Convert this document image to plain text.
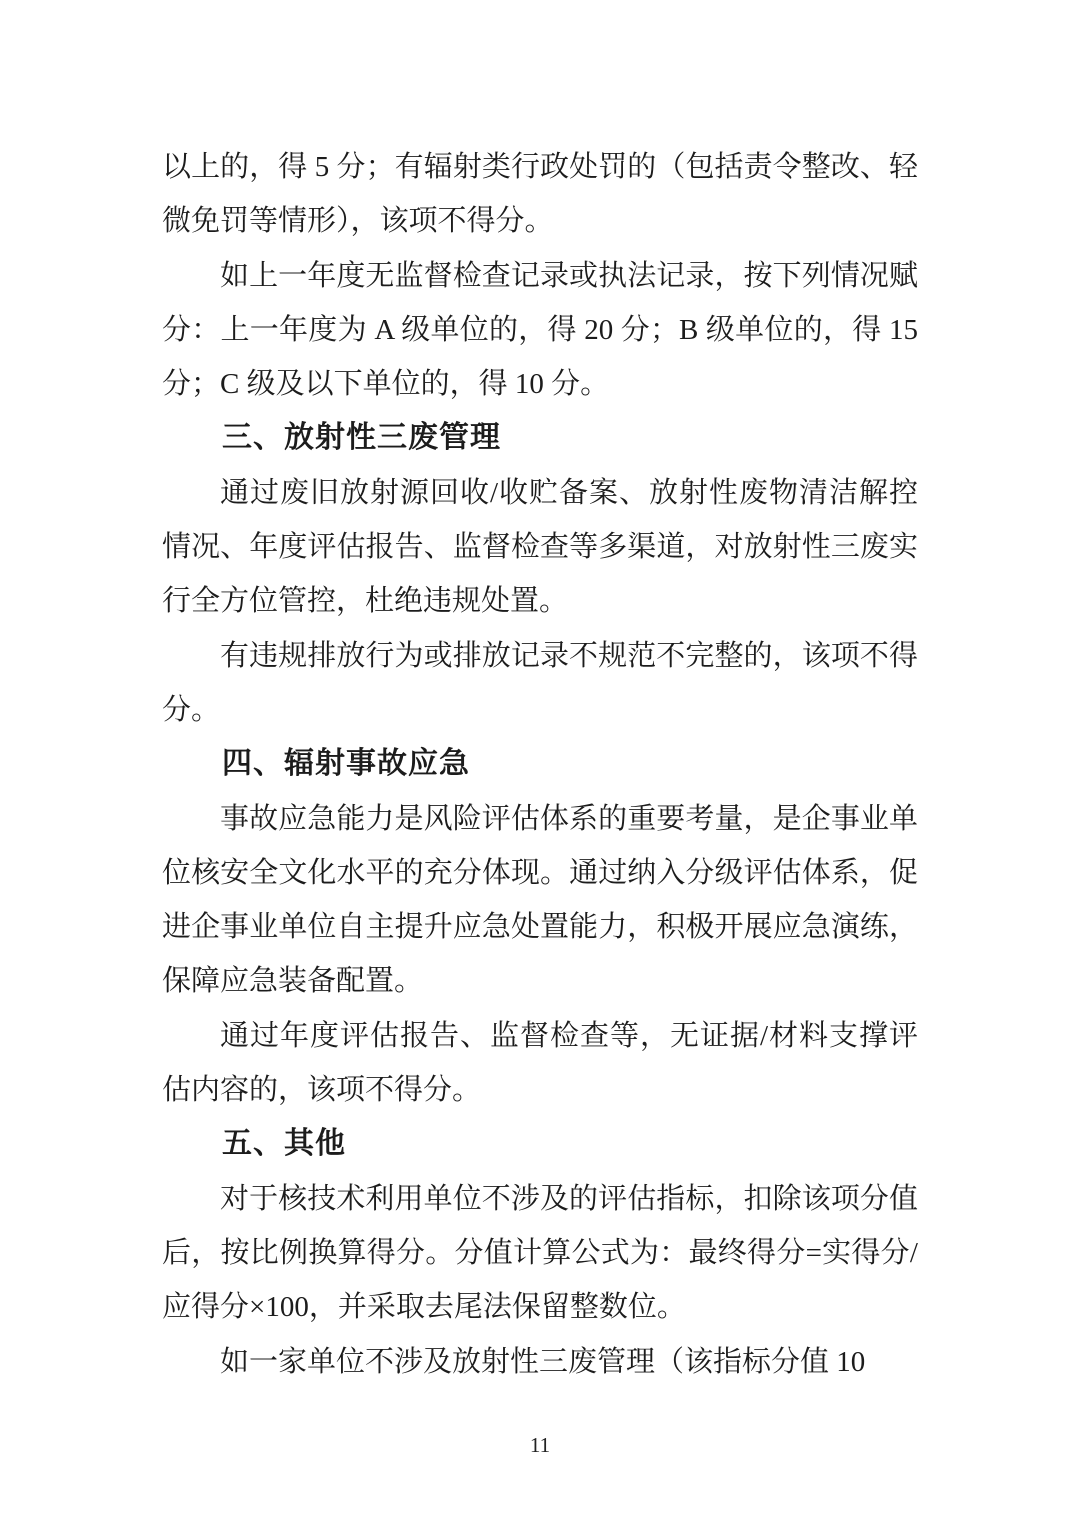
以上的，得 5 分；有辐射类行政处罚的（包括责令整改、轻微免罚等情形），该项不得分。

如上一年度无监督检查记录或执法记录，按下列情况赋分：上一年度为 A 级单位的，得 20 分；B 级单位的，得 15 分；C 级及以下单位的，得 10 分。

三、放射性三废管理

通过废旧放射源回收/收贮备案、放射性废物清洁解控情况、年度评估报告、监督检查等多渠道，对放射性三废实行全方位管控，杜绝违规处置。

有违规排放行为或排放记录不规范不完整的，该项不得分。

四、辐射事故应急

事故应急能力是风险评估体系的重要考量，是企事业单位核安全文化水平的充分体现。通过纳入分级评估体系，促进企事业单位自主提升应急处置能力，积极开展应急演练，保障应急装备配置。

通过年度评估报告、监督检查等，无证据/材料支撑评估内容的，该项不得分。

五、其他

对于核技术利用单位不涉及的评估指标，扣除该项分值后，按比例换算得分。分值计算公式为：最终得分=实得分/应得分×100，并采取去尾法保留整数位。

如一家单位不涉及放射性三废管理（该指标分值 10

11
